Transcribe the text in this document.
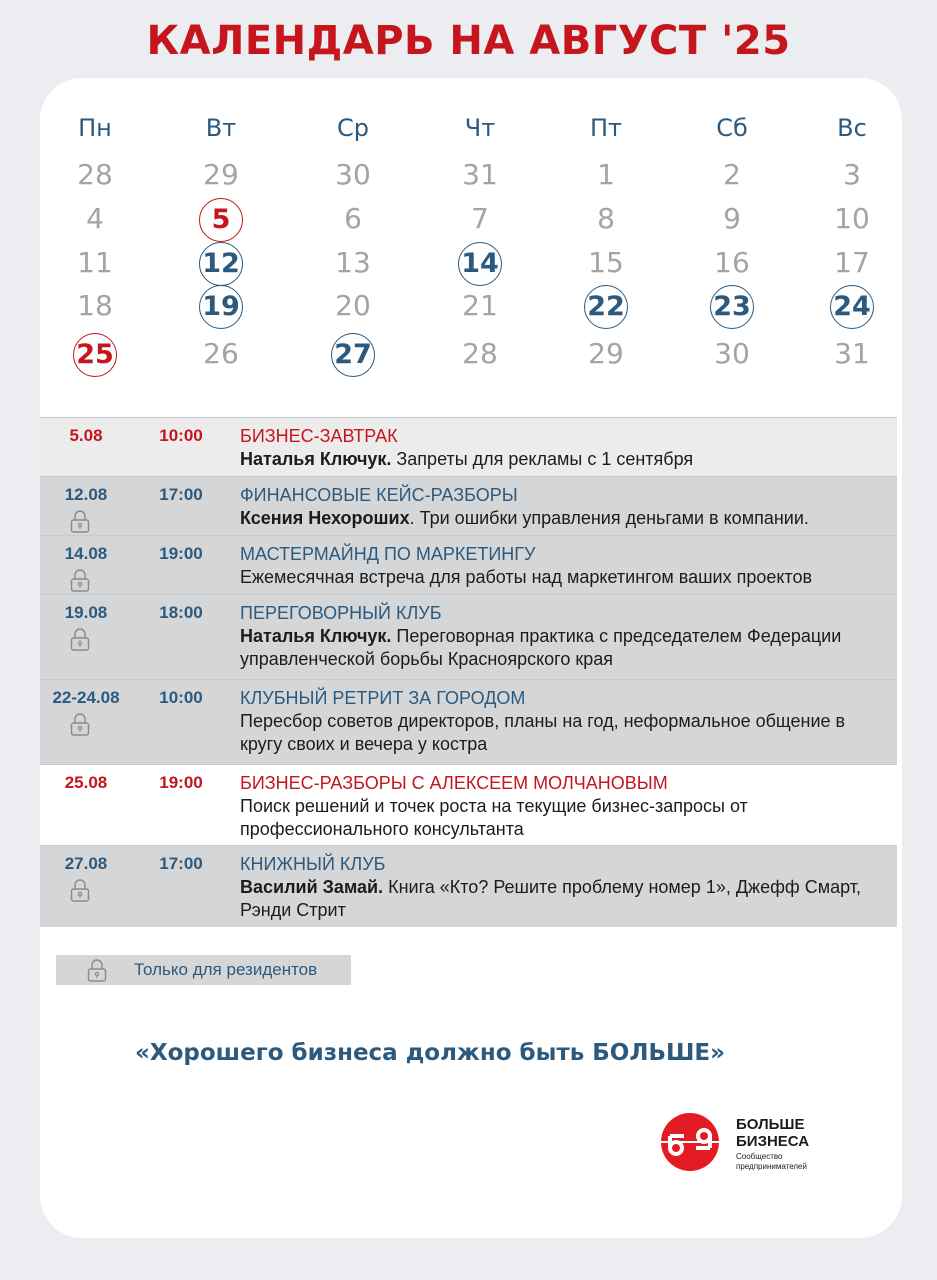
КАЛЕНДАРЬ НА АВГУСТ '25
Пн	Вт	Ср	Чт	Пт	Сб	Вс
28	29	30	31	1	2	3
4	5	6	7	8	9	10
11	12	13	14	15	16	17
18	19	20	21	22	23	24
25	26	27	28	29	30	31
5.08	10:00	БИЗНЕС-ЗАВТРАК
Наталья Ключук. Запреты для рекламы с 1 сентября
12.08	17:00	ФИНАНСОВЫЕ КЕЙС-РАЗБОРЫ
Ксения Нехороших. Три ошибки управления деньгами в компании.
14.08	19:00	МАСТЕРМАЙНД ПО МАРКЕТИНГУ
Ежемесячная встреча для работы над маркетингом ваших проектов
19.08	18:00	ПЕРЕГОВОРНЫЙ КЛУБ
Наталья Ключук. Переговорная практика с председателем Федерации управленческой борьбы Красноярского края
22-24.08	10:00	КЛУБНЫЙ РЕТРИТ ЗА ГОРОДОМ
Пересбор советов директоров, планы на год, неформальное общение в кругу своих и вечера у костра
25.08	19:00	БИЗНЕС-РАЗБОРЫ С АЛЕКСЕЕМ МОЛЧАНОВЫМ
Поиск решений и точек роста на текущие бизнес-запросы от профессионального консультанта
27.08	17:00	КНИЖНЫЙ КЛУБ
Василий Замай. Книга «Кто? Решите проблему номер 1», Джефф Смарт, Рэнди Стрит
Только для резидентов
«Хорошего бизнеса должно быть БОЛЬШЕ»
БОЛЬШЕ
БИЗНЕСА
Сообщество
предпринимателей
